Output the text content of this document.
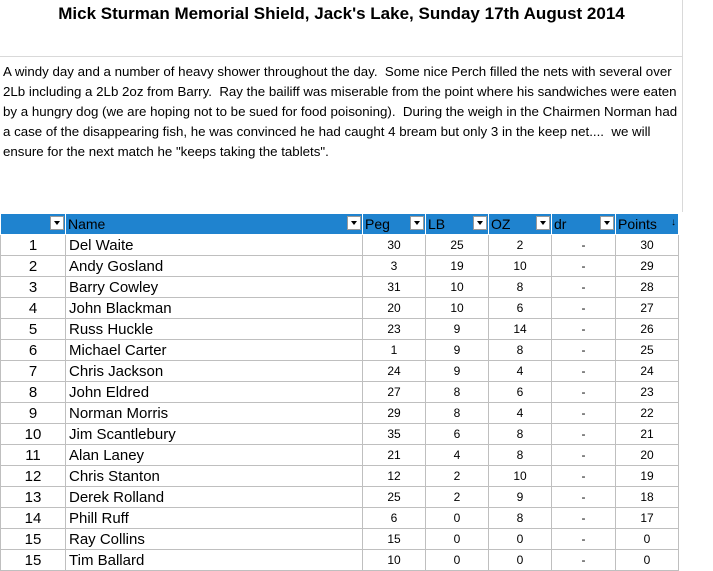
Mick Sturman Memorial Shield, Jack's Lake, Sunday 17th August 2014
A windy day and a number of heavy shower throughout the day.  Some nice Perch filled the nets with several over 2Lb including a 2Lb 2oz from Barry.  Ray the bailiff was miserable from the point where his sandwiches were eaten by a hungry dog (we are hoping not to be sued for food poisoning).  During the weigh in the Chairmen Norman had a case of the disappearing fish, he was convinced he had caught 4 bream but only 3 in the keep net....  we will ensure for the next match he "keeps taking the tablets".
	Name	Peg	LB	OZ	dr	Points ↓

1	Del Waite	30	25	2	-	30
2	Andy Gosland	3	19	10	-	29
3	Barry Cowley	31	10	8	-	28
4	John Blackman	20	10	6	-	27
5	Russ Huckle	23	9	14	-	26
6	Michael Carter	1	9	8	-	25
7	Chris Jackson	24	9	4	-	24
8	John Eldred	27	8	6	-	23
9	Norman Morris	29	8	4	-	22
10	Jim Scantlebury	35	6	8	-	21
11	Alan Laney	21	4	8	-	20
12	Chris Stanton	12	2	10	-	19
13	Derek Rolland	25	2	9	-	18
14	Phill Ruff	6	0	8	-	17
15	Ray Collins	15	0	0	-	0
15	Tim Ballard	10	0	0	-	0
